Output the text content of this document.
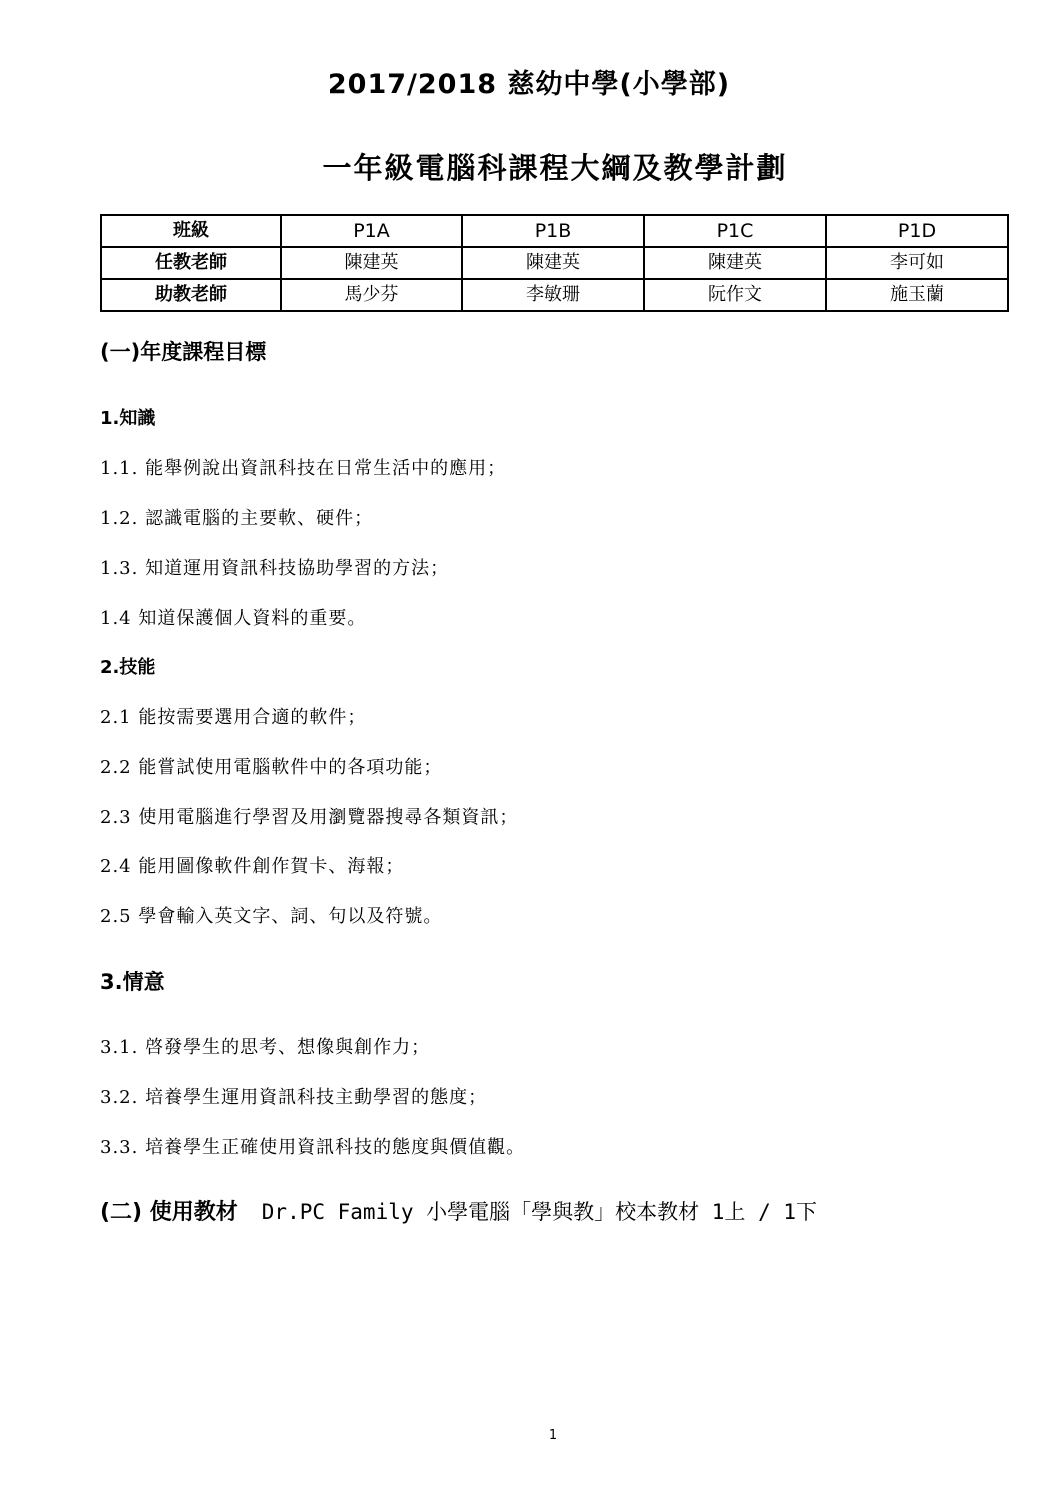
2017/2018 慈幼中學(小學部)
一年級電腦科課程大綱及教學計劃
班級	P1A	P1B	P1C	P1D
任教老師	陳建英	陳建英	陳建英	李可如
助教老師	馬少芬	李敏珊	阮作文	施玉蘭
(一)年度課程目標
1.知識
1.1. 能舉例說出資訊科技在日常生活中的應用；
1.2. 認識電腦的主要軟、硬件；
1.3. 知道運用資訊科技協助學習的方法；
1.4 知道保護個人資料的重要。
2.技能
2.1 能按需要選用合適的軟件；
2.2 能嘗試使用電腦軟件中的各項功能；
2.3 使用電腦進行學習及用瀏覽器搜尋各類資訊；
2.4 能用圖像軟件創作賀卡、海報；
2.5 學會輸入英文字、詞、句以及符號。
3.情意
3.1. 啓發學生的思考、想像與創作力；
3.2. 培養學生運用資訊科技主動學習的態度；
3.3. 培養學生正確使用資訊科技的態度與價值觀。
(二) 使用教材 Dr.PC Family 小學電腦「學與教」校本教材 1上 / 1下
1
